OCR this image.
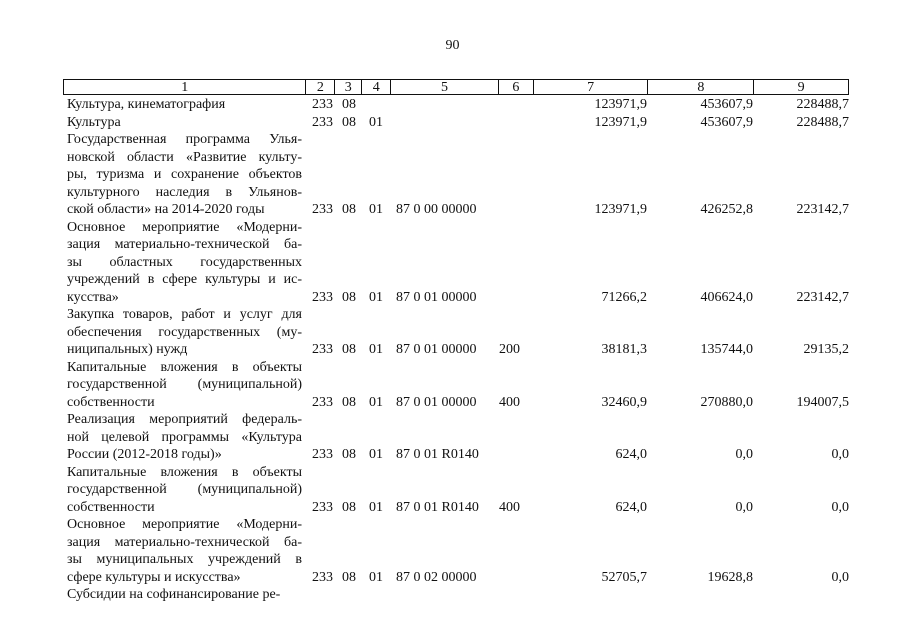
90
1	2	3	4	5	6	7	8	9
Культура, кинематография	233 08	123971,9	453607,9	228488,7
Культура	233 08 01	123971,9	453607,9	228488,7
Государственная программа Улья-
новской области «Развитие культу-
ры, туризма и сохранение объектов
культурного наследия в Ульянов-
ской области» на 2014-2020 годы	233 08 01 87 0 00 00000	123971,9	426252,8	223142,7
Основное мероприятие «Модерни-
зация материально-технической ба-
зы областных государственных
учреждений в сфере культуры и ис-
кусства»	233 08 01 87 0 01 00000	71266,2	406624,0	223142,7
Закупка товаров, работ и услуг для
обеспечения государственных (му-
ниципальных) нужд	233 08 01 87 0 01 00000	200	38181,3	135744,0	29135,2
Капитальные вложения в объекты
государственной (муниципальной)
собственности	233 08 01 87 0 01 00000	400	32460,9	270880,0	194007,5
Реализация мероприятий федераль-
ной целевой программы «Культура
России (2012-2018 годы)»	233 08 01 87 0 01 R0140	624,0	0,0	0,0
Капитальные вложения в объекты
государственной (муниципальной)
собственности	233 08 01 87 0 01 R0140	400	624,0	0,0	0,0
Основное мероприятие «Модерни-
зация материально-технической ба-
зы муниципальных учреждений в
сфере культуры и искусства»	233 08 01 87 0 02 00000	52705,7	19628,8	0,0
Субсидии на софинансирование ре-
